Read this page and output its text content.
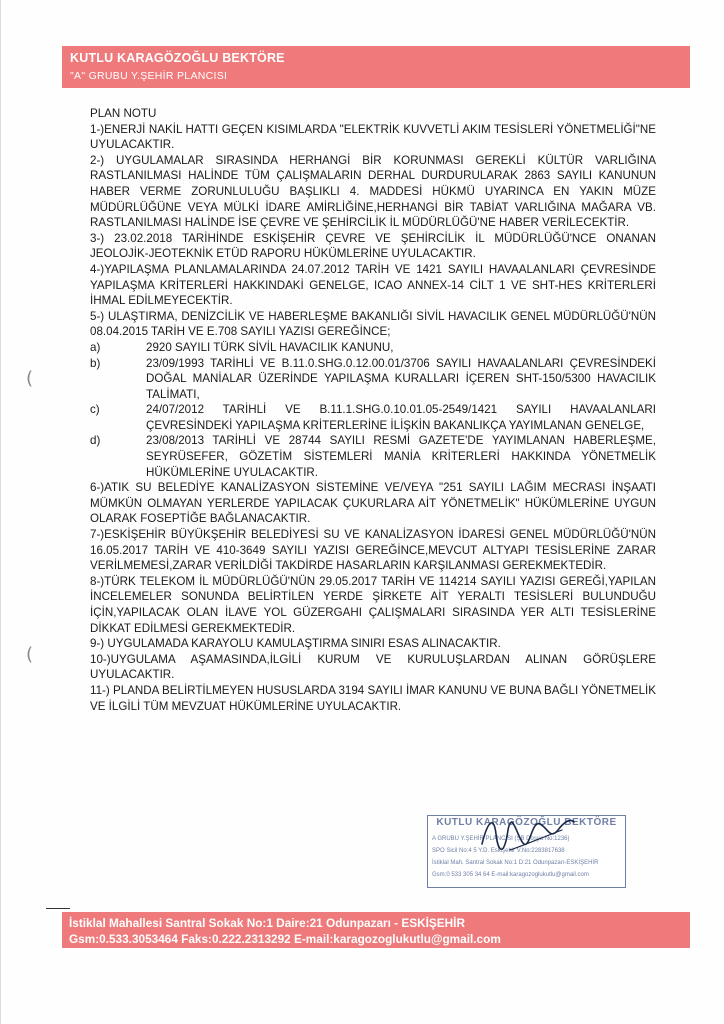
KUTLU KARAGÖZOĞLU BEKTÖRE
"A" GRUBU Y.ŞEHİR PLANCISI
(
(

PLAN NOTU

1-)ENERJİ NAKİL HATTI GEÇEN KISIMLARDA "ELEKTRİK KUVVETLİ AKIM TESİSLERİ YÖNETMELİĞİ"NE UYULACAKTIR.

2-) UYGULAMALAR SIRASINDA HERHANGİ BİR KORUNMASI GEREKLİ KÜLTÜR VARLIĞINA RASTLANILMASI HALİNDE TÜM ÇALIŞMALARIN DERHAL DURDURULARAK 2863 SAYILI KANUNUN HABER VERME ZORUNLULUĞU BAŞLIKLI 4. MADDESİ HÜKMÜ UYARINCA EN YAKIN MÜZE MÜDÜRLÜĞÜNE VEYA MÜLKİ İDARE AMİRLİĞİNE,HERHANGİ BİR TABİAT VARLIĞINA MAĞARA VB. RASTLANILMASI HALİNDE İSE ÇEVRE VE ŞEHİRCİLİK İL MÜDÜRLÜĞÜ'NE HABER VERİLECEKTİR.

3-) 23.02.2018 TARİHİNDE ESKİŞEHİR ÇEVRE VE ŞEHİRCİLİK İL MÜDÜRLÜĞÜ'NCE ONANAN JEOLOJİK-JEOTEKNİK ETÜD RAPORU HÜKÜMLERİNE UYULACAKTIR.

4-)YAPILAŞMA PLANLAMALARINDA 24.07.2012 TARİH VE 1421 SAYILI HAVAALANLARI ÇEVRESİNDE YAPILAŞMA KRİTERLERİ HAKKINDAKİ GENELGE, ICAO ANNEX-14 CİLT 1 VE SHT-HES KRİTERLERİ İHMAL EDİLMEYECEKTİR.

5-) ULAŞTIRMA, DENİZCİLİK VE HABERLEŞME BAKANLIĞI SİVİL HAVACILIK GENEL MÜDÜRLÜĞÜ'NÜN 08.04.2015 TARİH VE E.708 SAYILI YAZISI GEREĞİNCE;

a)	2920 SAYILI TÜRK SİVİL HAVACILIK KANUNU,
b)	23/09/1993 TARİHLİ VE B.11.0.SHG.0.12.00.01/3706 SAYILI HAVAALANLARI ÇEVRESİNDEKİ DOĞAL MANİALAR ÜZERİNDE YAPILAŞMA KURALLARI İÇEREN SHT-150/5300 HAVACILIK TALİMATI,
c)	24/07/2012 TARİHLİ VE B.11.1.SHG.0.10.01.05-2549/1421 SAYILI HAVAALANLARI ÇEVRESİNDEKİ YAPILAŞMA KRİTERLERİNE İLİŞKİN BAKANLIKÇA YAYIMLANAN GENELGE,
d)	23/08/2013 TARİHLİ VE 28744 SAYILI RESMİ GAZETE'DE YAYIMLANAN HABERLEŞME, SEYRÜSEFER, GÖZETİM SİSTEMLERİ MANİA KRİTERLERİ HAKKINDA YÖNETMELİK HÜKÜMLERİNE UYULACAKTIR.

6-)ATIK SU BELEDİYE KANALİZASYON SİSTEMİNE VE/VEYA "251 SAYILI LAĞIM MECRASI İNŞAATI MÜMKÜN OLMAYAN YERLERDE YAPILACAK ÇUKURLARA AİT YÖNETMELİK" HÜKÜMLERİNE UYGUN OLARAK FOSEPTİĞE BAĞLANACAKTIR.

7-)ESKİŞEHİR BÜYÜKŞEHİR BELEDİYESİ SU VE KANALİZASYON İDARESİ GENEL MÜDÜRLÜĞÜ'NÜN 16.05.2017 TARİH VE 410-3649 SAYILI YAZISI GEREĞİNCE,MEVCUT ALTYAPI TESİSLERİNE ZARAR VERİLMEMESİ,ZARAR VERİLDİĞİ TAKDİRDE HASARLARIN KARŞILANMASI GEREKMEKTEDİR.

8-)TÜRK TELEKOM İL MÜDÜRLÜĞÜ'NÜN 29.05.2017 TARİH VE 114214 SAYILI YAZISI GEREĞİ,YAPILAN İNCELEMELER SONUNDA BELİRTİLEN YERDE ŞİRKETE AİT YERALTI TESİSLERİ BULUNDUĞU İÇİN,YAPILACAK OLAN İLAVE YOL GÜZERGAHI ÇALIŞMALARI SIRASINDA YER ALTI TESİSLERİNE DİKKAT EDİLMESİ GEREKMEKTEDİR.

9-) UYGULAMADA KARAYOLU KAMULAŞTIRMA SINIRI ESAS ALINACAKTIR.

10-)UYGULAMA AŞAMASINDA,İLGİLİ KURUM VE KURULUŞLARDAN ALINAN GÖRÜŞLERE UYULACAKTIR.

11-) PLANDA BELİRTİLMEYEN HUSUSLARDA 3194 SAYILI İMAR KANUNU VE BUNA BAĞLI YÖNETMELİK VE İLGİLİ TÜM MEVZUAT HÜKÜMLERİNE UYULACAKTIR.

KUTLU KARAGÖZOĞLU BEKTÖRE
A GRUBU Y.ŞEHİR PLANCISI (ŞB Dosya No:1236)
SPO Sicil No:4 5 Y.D. Eskişehir V.No:2283817638
İstiklal Mah. Santral Sokak No:1 D:21 Odunpazarı-ESKİŞEHİR
Gsm:0 533 305 34 64 E-mail:karagozoglukutlu@gmail.com
İstiklal Mahallesi Santral Sokak No:1 Daire:21 Odunpazarı - ESKİŞEHİR
Gsm:0.533.3053464 Faks:0.222.2313292 E-mail:karagozoglukutlu@gmail.com
